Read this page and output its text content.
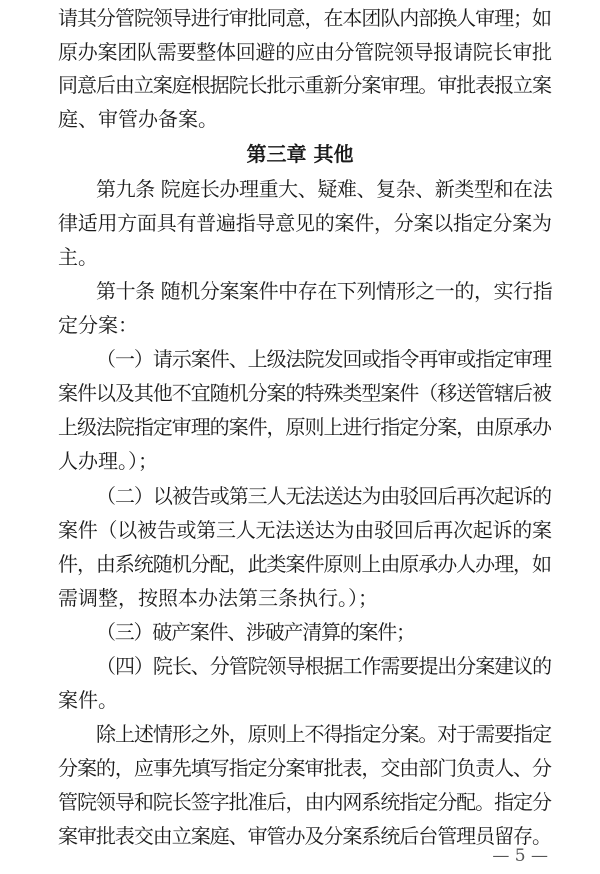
请其分管院领导进行审批同意，在本团队内部换人审理；如
原办案团队需要整体回避的应由分管院领导报请院长审批
同意后由立案庭根据院长批示重新分案审理。审批表报立案
庭、审管办备案。
第三章 其他
第九条 院庭长办理重大、疑难、复杂、新类型和在法
律适用方面具有普遍指导意见的案件，分案以指定分案为
主。
第十条 随机分案案件中存在下列情形之一的，实行指
定分案：
（一）请示案件、上级法院发回或指令再审或指定审理
案件以及其他不宜随机分案的特殊类型案件（移送管辖后被
上级法院指定审理的案件，原则上进行指定分案，由原承办
人办理。）；
（二）以被告或第三人无法送达为由驳回后再次起诉的
案件（以被告或第三人无法送达为由驳回后再次起诉的案
件，由系统随机分配，此类案件原则上由原承办人办理，如
需调整，按照本办法第三条执行。）；
（三）破产案件、涉破产清算的案件；
（四）院长、分管院领导根据工作需要提出分案建议的
案件。
除上述情形之外，原则上不得指定分案。对于需要指定
分案的，应事先填写指定分案审批表，交由部门负责人、分
管院领导和院长签字批准后，由内网系统指定分配。指定分
案审批表交由立案庭、审管办及分案系统后台管理员留存。
— 5 —
